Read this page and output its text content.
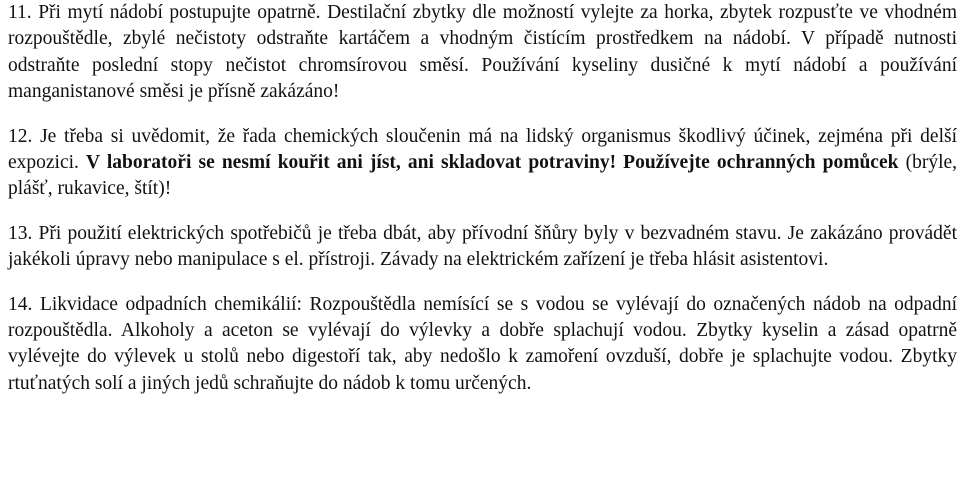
11. Při mytí nádobí postupujte opatrně. Destilační zbytky dle možností vylejte za horka, zbytek rozpusťte ve vhodném rozpouštědle, zbylé nečistoty odstraňte kartáčem a vhodným čistícím prostředkem na nádobí. V případě nutnosti odstraňte poslední stopy nečistot chromsírovou směsí. Používání kyseliny dusičné k mytí nádobí a používání manganistanové směsi je přísně zakázáno!

12. Je třeba si uvědomit, že řada chemických sloučenin má na lidský organismus škodlivý účinek, zejména při delší expozici. V laboratoři se nesmí kouřit ani jíst, ani skladovat potraviny! Používejte ochranných pomůcek (brýle, plášť, rukavice, štít)!

13. Při použití elektrických spotřebičů je třeba dbát, aby přívodní šňůry byly v bezvadném stavu. Je zakázáno provádět jakékoli úpravy nebo manipulace s el. přístroji. Závady na elektrickém zařízení je třeba hlásit asistentovi.

14. Likvidace odpadních chemikálií: Rozpouštědla nemísící se s vodou se vylévají do označených nádob na odpadní rozpouštědla. Alkoholy a aceton se vylévají do výlevky a dobře splachují vodou. Zbytky kyselin a zásad opatrně vylévejte do výlevek u stolů nebo digestoří tak, aby nedošlo k zamoření ovzduší, dobře je splachujte vodou. Zbytky rtuťnatých solí a jiných jedů schraňujte do nádob k tomu určených.
